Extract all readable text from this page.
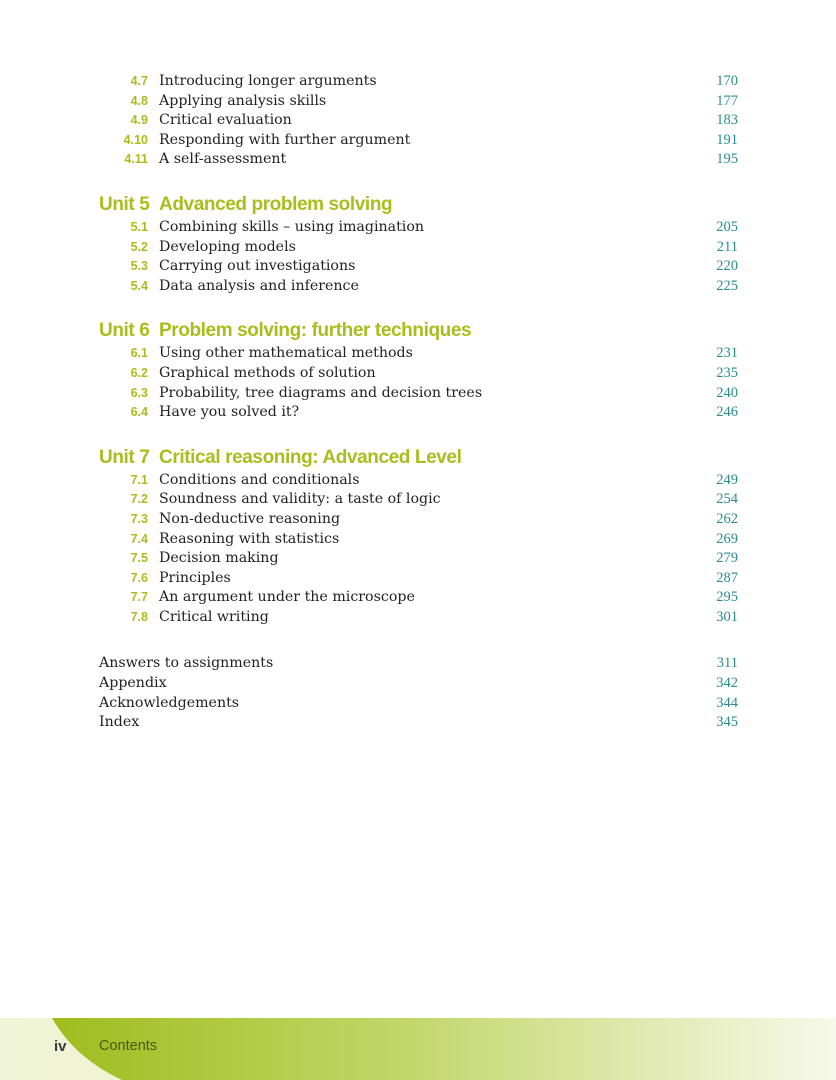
4.7 Introducing longer arguments	170
4.8 Applying analysis skills	177
4.9 Critical evaluation	183
4.10 Responding with further argument	191
4.11 A self-assessment	195
Unit 5 Advanced problem solving
5.1 Combining skills – using imagination	205
5.2 Developing models	211
5.3 Carrying out investigations	220
5.4 Data analysis and inference	225
Unit 6 Problem solving: further techniques
6.1 Using other mathematical methods	231
6.2 Graphical methods of solution	235
6.3 Probability, tree diagrams and decision trees	240
6.4 Have you solved it?	246
Unit 7 Critical reasoning: Advanced Level
7.1 Conditions and conditionals	249
7.2 Soundness and validity: a taste of logic	254
7.3 Non-deductive reasoning	262
7.4 Reasoning with statistics	269
7.5 Decision making	279
7.6 Principles	287
7.7 An argument under the microscope	295
7.8 Critical writing	301
Answers to assignments	311
Appendix	342
Acknowledgements	344
Index	345
iv Contents
